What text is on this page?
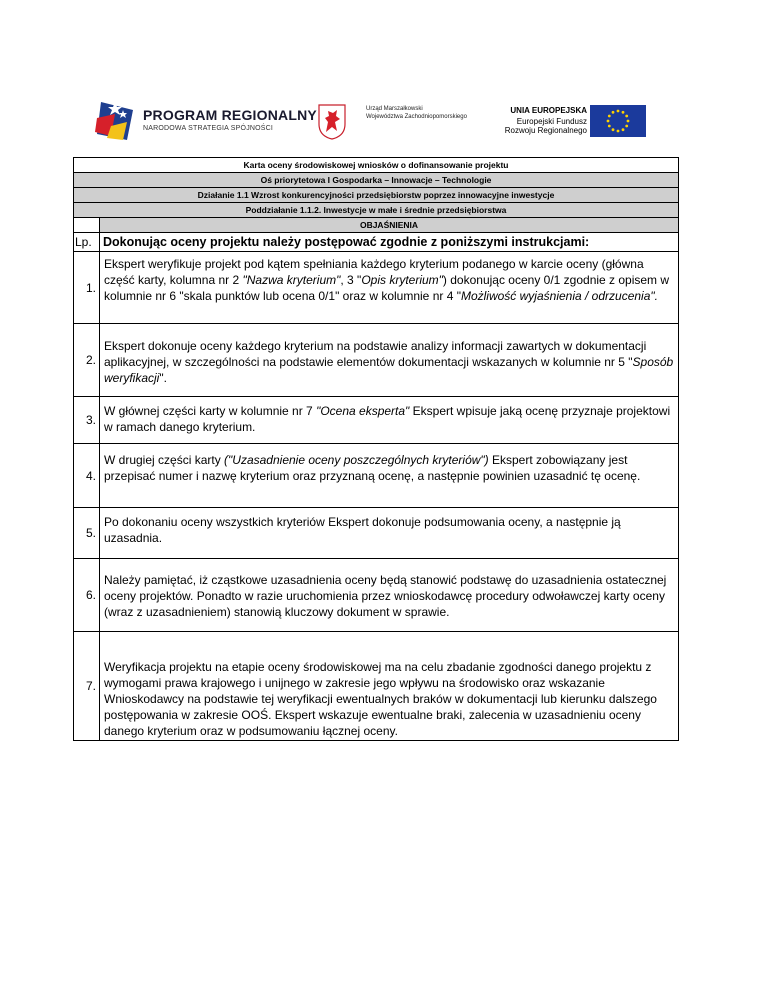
PROGRAM REGIONALNY
NARODOWA STRATEGIA SPÓJNOŚCI
Urząd Marszałkowski
Województwa Zachodniopomorskiego
UNIA EUROPEJSKA
Europejski Fundusz
Rozwoju Regionalnego
Karta oceny środowiskowej wniosków o dofinansowanie projektu	
Oś priorytetowa I Gospodarka – Innowacje – Technologie	
Działanie 1.1 Wzrost konkurencyjności przedsiębiorstw poprzez innowacyjne inwestycje	
Poddziałanie 1.1.2. Inwestycje w małe i średnie przedsiębiorstwa	
	OBJAŚNIENIA
Lp.	Dokonując oceny projektu należy postępować zgodnie z poniższymi instrukcjami:
1.	Ekspert weryfikuje projekt pod kątem spełniania każdego kryterium podanego w karcie oceny (główna część karty, kolumna nr 2 "Nazwa kryterium", 3 "Opis kryterium") dokonując oceny 0/1 zgodnie z opisem w kolumnie nr 6 "skala punktów lub ocena 0/1" oraz w kolumnie nr 4 "Możliwość wyjaśnienia / odrzucenia".
2.	Ekspert dokonuje oceny każdego kryterium na podstawie analizy informacji zawartych w dokumentacji aplikacyjnej, w szczególności na podstawie elementów dokumentacji wskazanych w kolumnie nr 5 "Sposób weryfikacji".
3.	W głównej części karty w kolumnie nr 7 "Ocena eksperta" Ekspert wpisuje jaką ocenę przyznaje projektowi w ramach danego kryterium.
4.	W drugiej części karty ("Uzasadnienie oceny poszczególnych kryteriów") Ekspert zobowiązany jest przepisać numer i nazwę kryterium oraz przyznaną ocenę, a następnie powinien uzasadnić tę ocenę.
5.	Po dokonaniu oceny wszystkich kryteriów Ekspert dokonuje podsumowania oceny, a następnie ją uzasadnia.
6.	Należy pamiętać, iż cząstkowe uzasadnienia oceny będą stanowić podstawę do uzasadnienia ostatecznej oceny projektów. Ponadto w razie uruchomienia przez wnioskodawcę procedury odwoławczej karty oceny (wraz z uzasadnieniem) stanowią kluczowy dokument w sprawie.
7.	Weryfikacja projektu na etapie oceny środowiskowej ma na celu zbadanie zgodności danego projektu z wymogami prawa krajowego i unijnego w zakresie jego wpływu na środowisko oraz wskazanie Wnioskodawcy na podstawie tej weryfikacji ewentualnych braków w dokumentacji lub kierunku dalszego postępowania w zakresie OOŚ. Ekspert wskazuje ewentualne braki, zalecenia w uzasadnieniu oceny danego kryterium oraz w podsumowaniu łącznej oceny.
